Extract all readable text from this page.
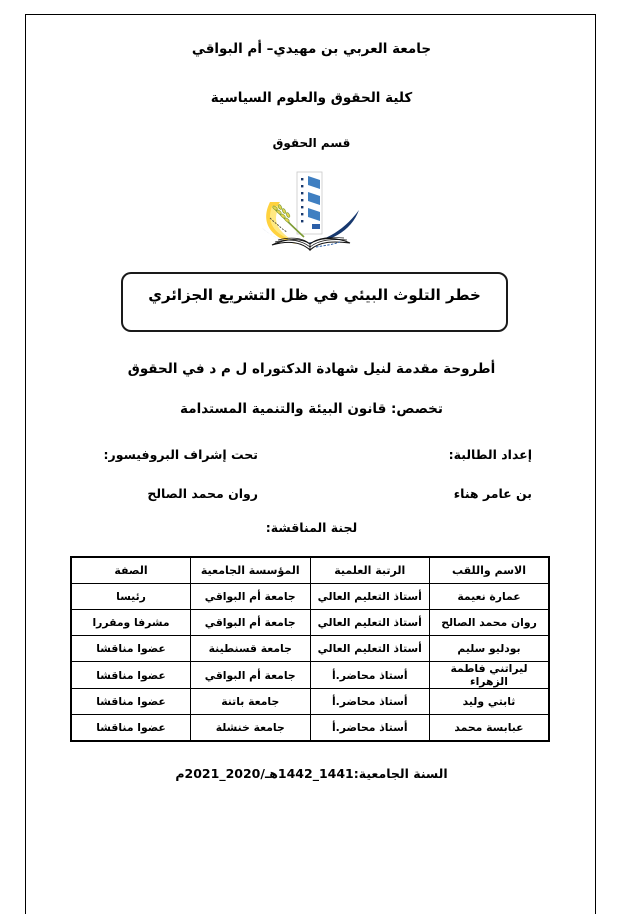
جامعة العربي بن مهيدي– أم البواقي
كلية الحقوق والعلوم السياسية
قسم الحقوق
خطر التلوث البيئي في ظل التشريع الجزائري
أطروحة مقدمة لنيل شهادة الدكتوراه ل م د في الحقوق
تخصص: قانون البيئة والتنمية المستدامة
إعداد الطالبة:
بن عامر هناء
تحت إشراف البروفيسور:
روان محمد الصالح
لجنة المناقشة:
الاسم واللقب	الرتبة العلمية	المؤسسة الجامعية	الصفة
عمارة نعيمة	أستاذ التعليم العالي	جامعة أم البواقي	رئيسا
روان محمد الصالح	أستاذ التعليم العالي	جامعة أم البواقي	مشرفا ومقررا
بودليو سليم	أستاذ التعليم العالي	جامعة قسنطينة	عضوا مناقشا
ليراتني فاطمة الزهراء	أستاذ محاضر.أ	جامعة أم البواقي	عضوا مناقشا
ثابتي وليد	أستاذ محاضر.أ	جامعة باتنة	عضوا مناقشا
عبابسة محمد	أستاذ محاضر.أ	جامعة خنشلة	عضوا مناقشا
السنة الجامعية:1441_1442هـ/2020_2021م
